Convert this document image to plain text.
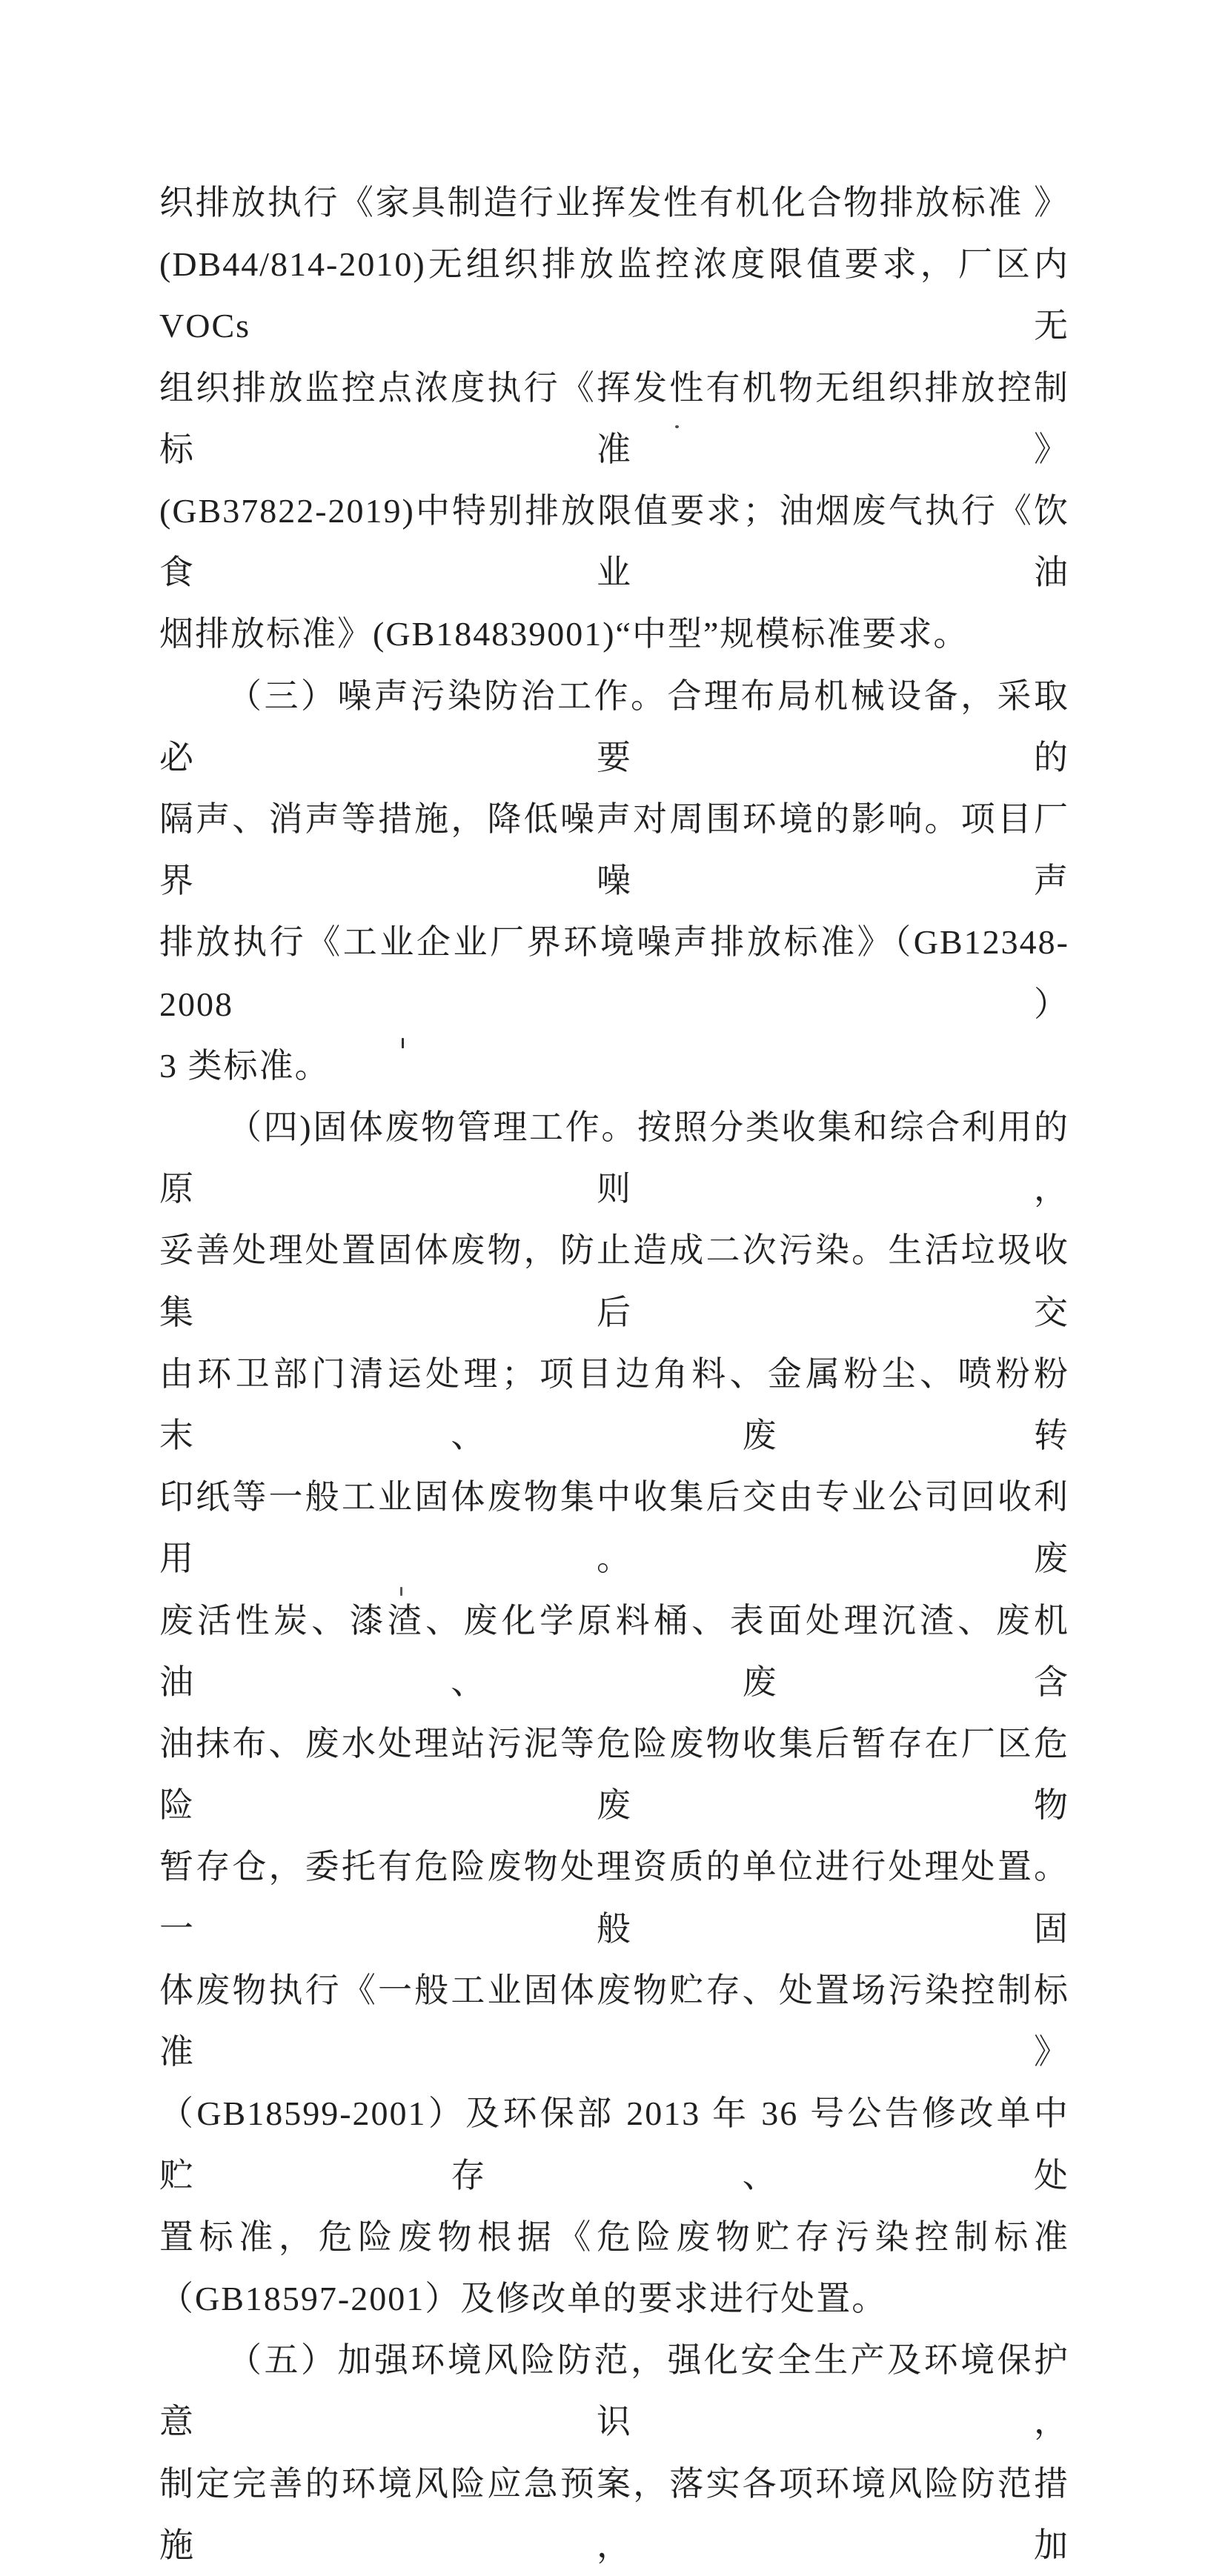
织排放执行《家具制造行业挥发性有机化合物排放标准 》
(DB44/814-2010)无组织排放监控浓度限值要求，厂区内 VOCs 无
组织排放监控点浓度执行《挥发性有机物无组织排放控制标准》
(GB37822-2019)中特别排放限值要求；油烟废气执行《饮食业油
烟排放标准》(GB184839001)“中型”规模标准要求。
（三）噪声污染防治工作。合理布局机械设备，采取必要的
隔声、消声等措施，降低噪声对周围环境的影响。项目厂界噪声
排放执行《工业企业厂界环境噪声排放标准》（GB12348-2008）
3 类标准。
（四)固体废物管理工作。按照分类收集和综合利用的原则，
妥善处理处置固体废物，防止造成二次污染。生活垃圾收集后交
由环卫部门清运处理；项目边角料、金属粉尘、喷粉粉末、废转
印纸等一般工业固体废物集中收集后交由专业公司回收利用。废
废活性炭、漆渣、废化学原料桶、表面处理沉渣、废机油、废含
油抹布、废水处理站污泥等危险废物收集后暂存在厂区危险废物
暂存仓，委托有危险废物处理资质的单位进行处理处置。一般固
体废物执行《一般工业固体废物贮存、处置场污染控制标准》
（GB18599-2001）及环保部 2013 年 36 号公告修改单中贮存、处
置标准，危险废物根据《危险废物贮存污染控制标准
（GB18597-2001）及修改单的要求进行处置。
（五）加强环境风险防范，强化安全生产及环境保护意识，
制定完善的环境风险应急预案，落实各项环境风险防范措施，加
